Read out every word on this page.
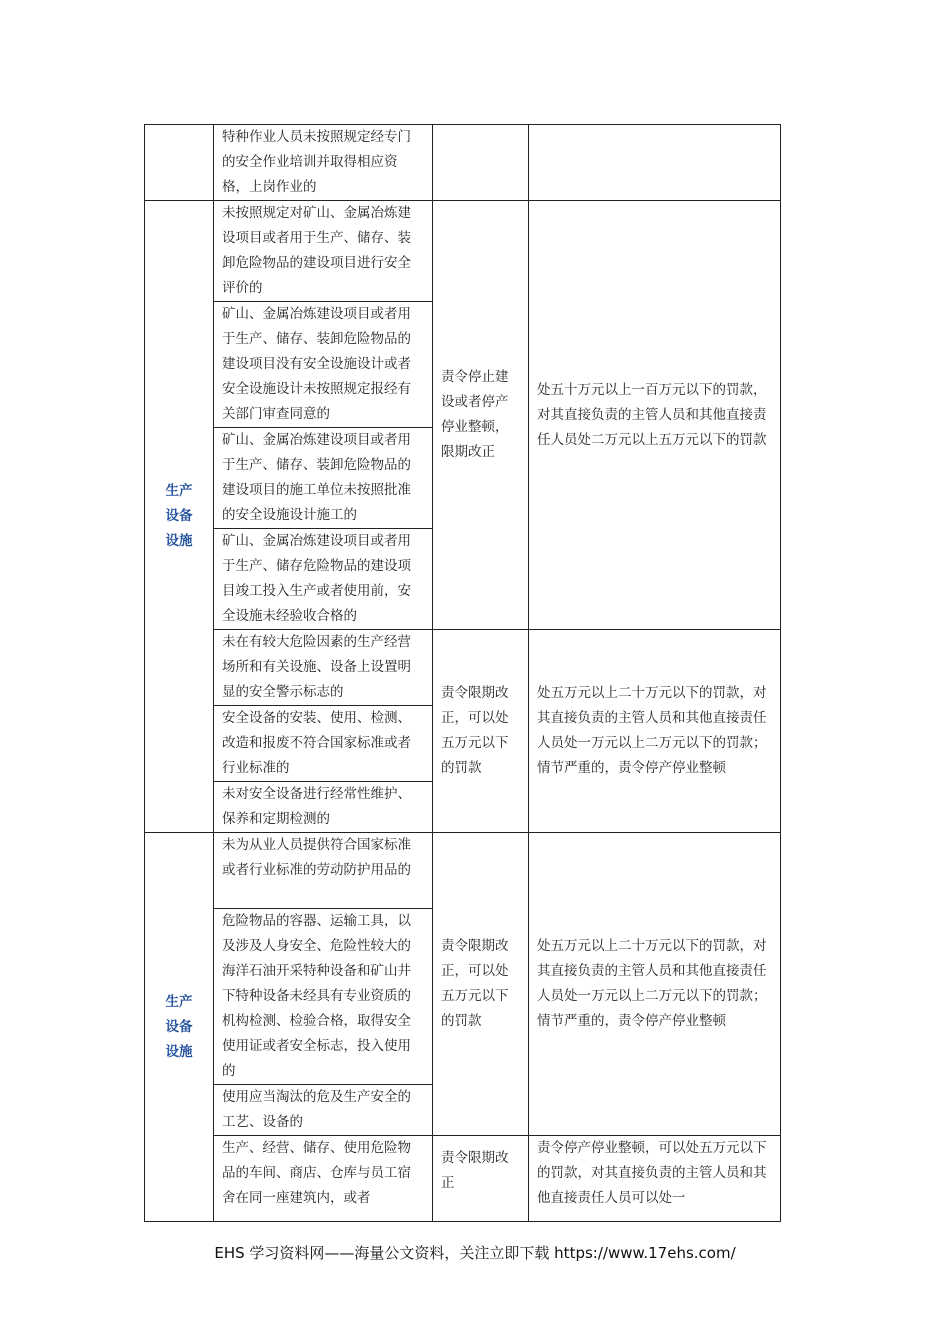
	特种作业人员未按照规定经专门的安全作业培训并取得相应资格，上岗作业的		

生产
设备
设施	未按照规定对矿山、金属冶炼建设项目或者用于生产、储存、装卸危险物品的建设项目进行安全评价的	责令停止建设或者停产停业整顿，限期改正	处五十万元以上一百万元以下的罚款，对其直接负责的主管人员和其他直接责任人员处二万元以上五万元以下的罚款
	矿山、金属冶炼建设项目或者用于生产、储存、装卸危险物品的建设项目没有安全设施设计或者安全设施设计未按照规定报经有关部门审查同意的		
	矿山、金属冶炼建设项目或者用于生产、储存、装卸危险物品的建设项目的施工单位未按照批准的安全设施设计施工的		
	矿山、金属冶炼建设项目或者用于生产、储存危险物品的建设项目竣工投入生产或者使用前，安全设施未经验收合格的		
	未在有较大危险因素的生产经营场所和有关设施、设备上设置明显的安全警示标志的	责令限期改正，可以处五万元以下的罚款	处五万元以上二十万元以下的罚款，对其直接负责的主管人员和其他直接责任人员处一万元以上二万元以下的罚款；情节严重的，责令停产停业整顿
	安全设备的安装、使用、检测、改造和报废不符合国家标准或者行业标准的		
	未对安全设备进行经常性维护、保养和定期检测的		

生产
设备
设施	未为从业人员提供符合国家标准或者行业标准的劳动防护用品的	责令限期改正，可以处五万元以下的罚款	处五万元以上二十万元以下的罚款，对其直接负责的主管人员和其他直接责任人员处一万元以上二万元以下的罚款；情节严重的，责令停产停业整顿
	危险物品的容器、运输工具，以及涉及人身安全、危险性较大的海洋石油开采特种设备和矿山井下特种设备未经具有专业资质的机构检测、检验合格，取得安全使用证或者安全标志，投入使用的		
	使用应当淘汰的危及生产安全的工艺、设备的		
	生产、经营、储存、使用危险物品的车间、商店、仓库与员工宿舍在同一座建筑内，或者	责令限期改正	责令停产停业整顿，可以处五万元以下的罚款，对其直接负责的主管人员和其他直接责任人员可以处一
EHS 学习资料网——海量公文资料，关注立即下载 https://www.17ehs.com/
